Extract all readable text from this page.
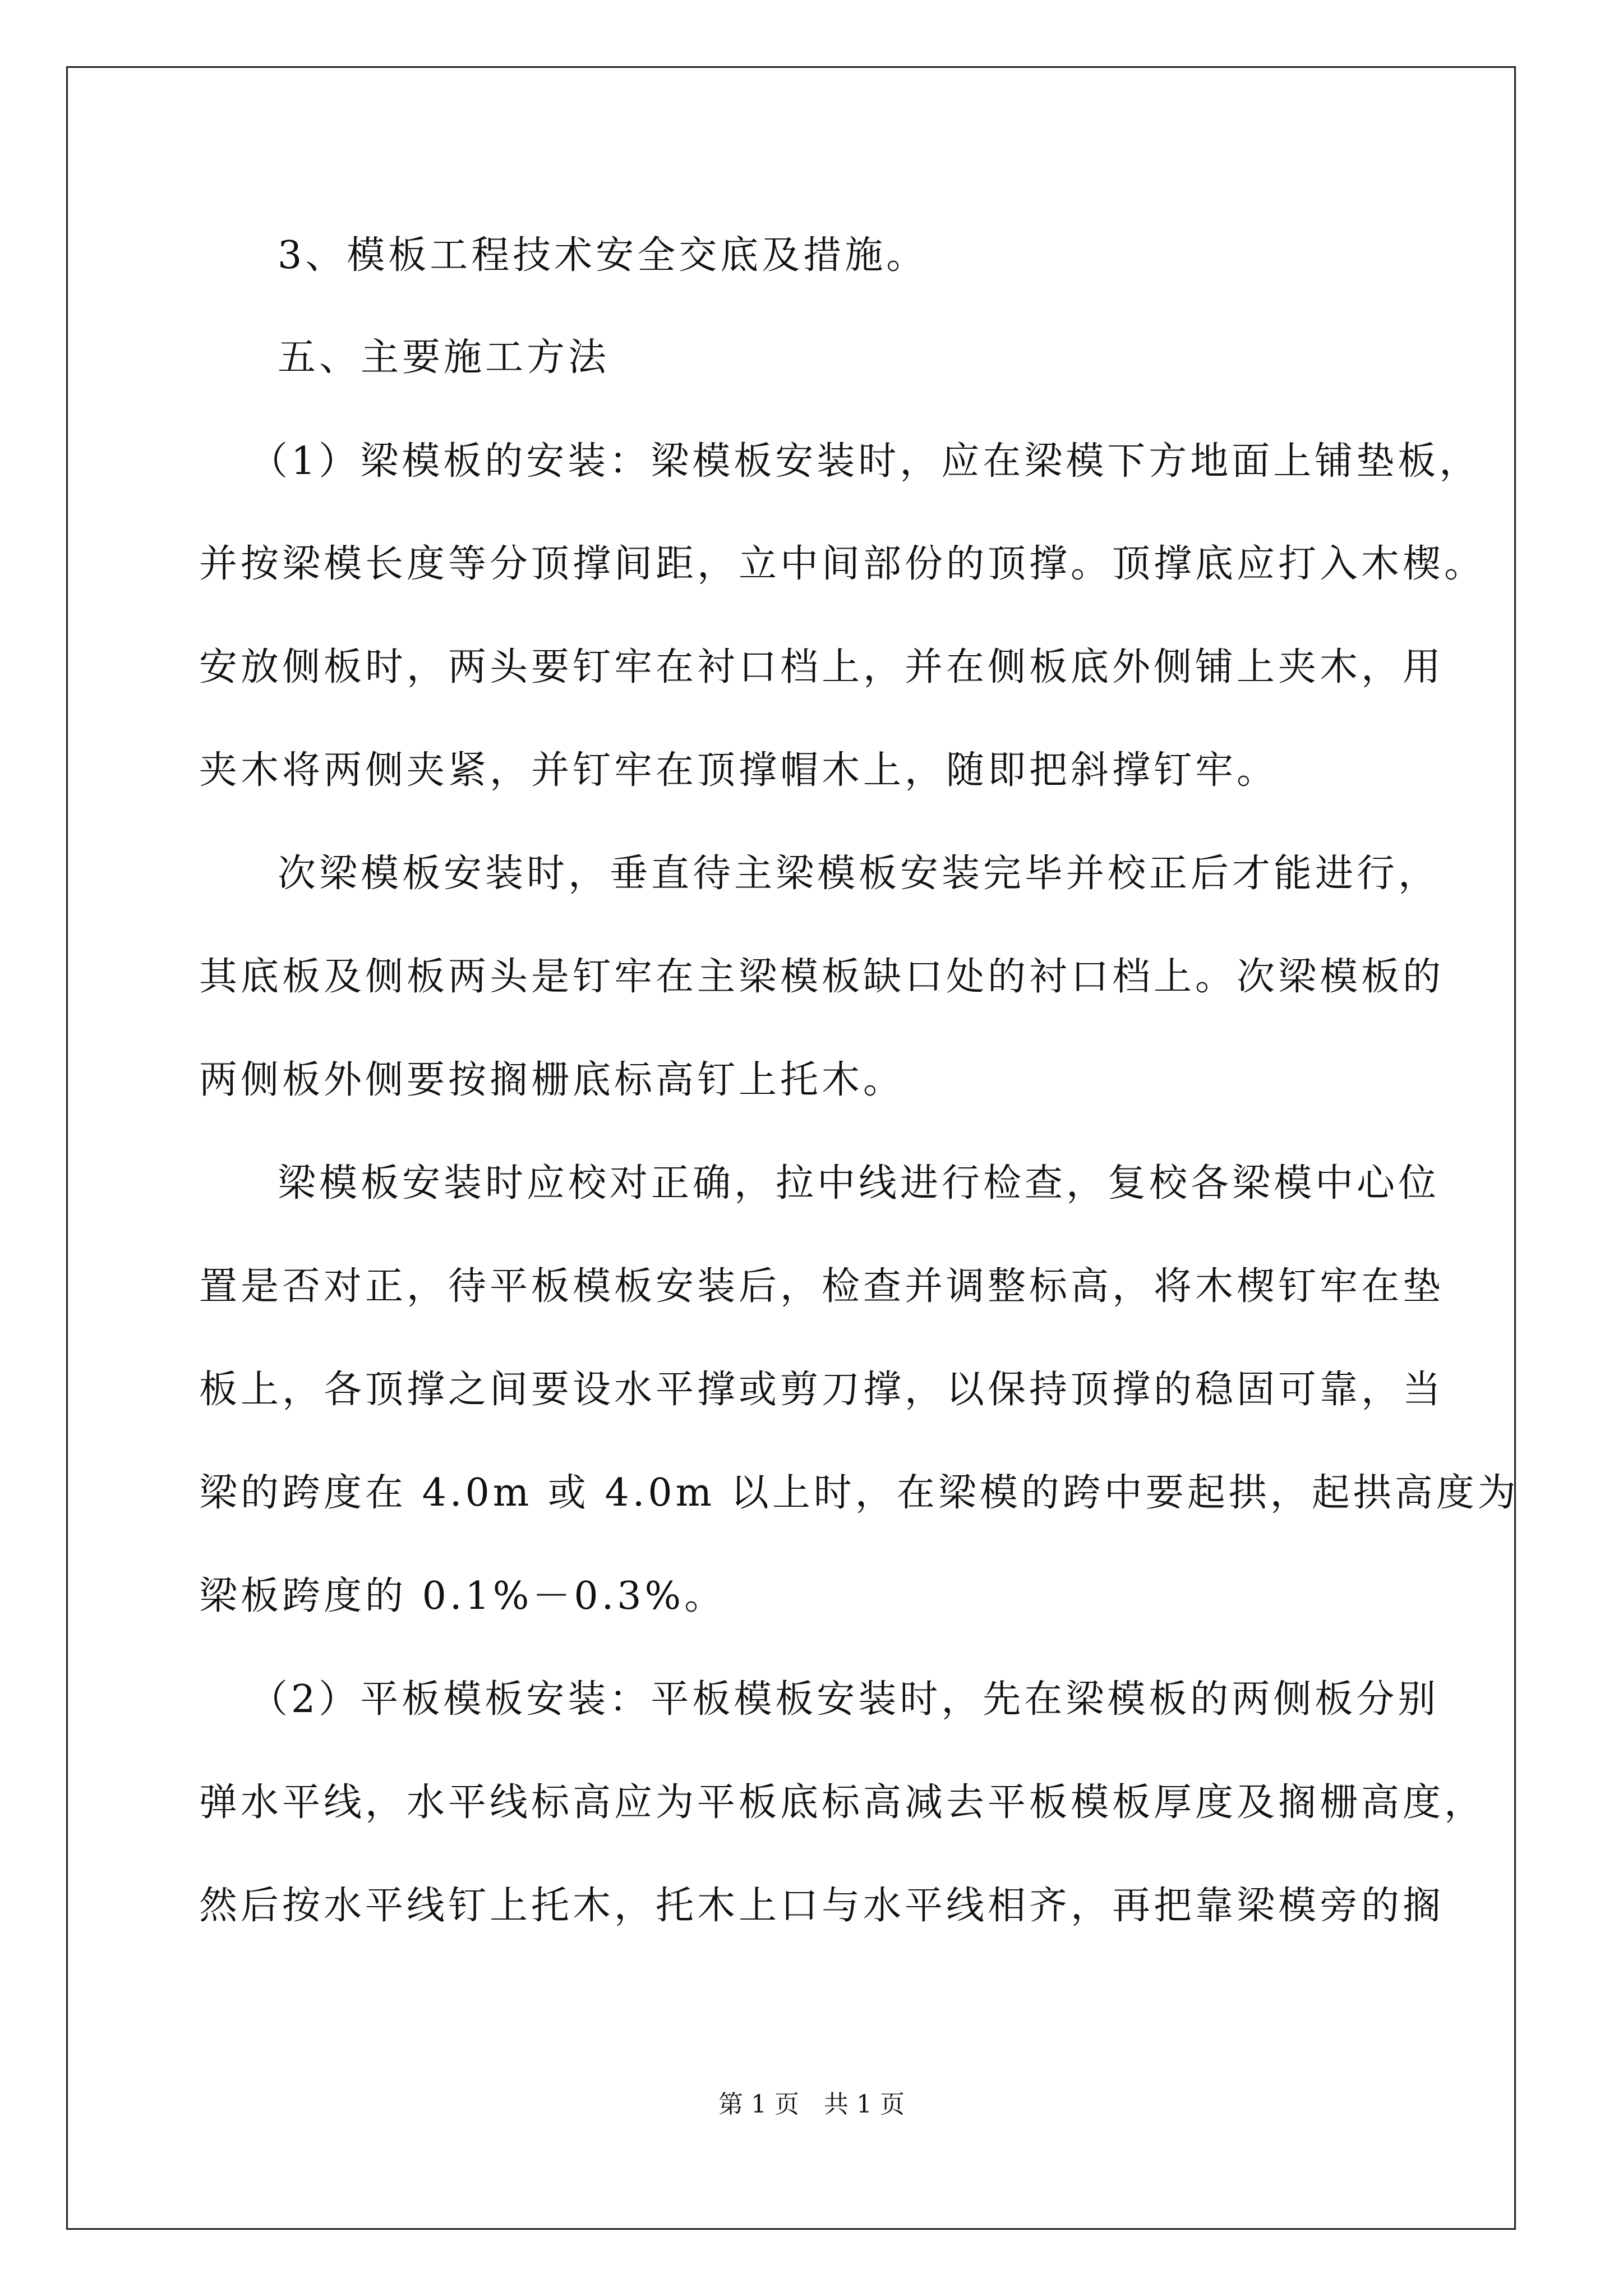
3、模板工程技术安全交底及措施。
五、主要施工方法
（1）梁模板的安装：梁模板安装时，应在梁模下方地面上铺垫板，
并按梁模长度等分顶撑间距，立中间部份的顶撑。顶撑底应打入木楔。
安放侧板时，两头要钉牢在衬口档上，并在侧板底外侧铺上夹木，用
夹木将两侧夹紧，并钉牢在顶撑帽木上，随即把斜撑钉牢。
次梁模板安装时，垂直待主梁模板安装完毕并校正后才能进行，
其底板及侧板两头是钉牢在主梁模板缺口处的衬口档上。次梁模板的
两侧板外侧要按搁栅底标高钉上托木。
梁模板安装时应校对正确，拉中线进行检查，复校各梁模中心位
置是否对正，待平板模板安装后，检查并调整标高，将木楔钉牢在垫
板上，各顶撑之间要设水平撑或剪刀撑，以保持顶撑的稳固可靠，当
梁的跨度在 4.0m 或 4.0m 以上时，在梁模的跨中要起拱，起拱高度为
梁板跨度的 0.1%－0.3%。
（2）平板模板安装：平板模板安装时，先在梁模板的两侧板分别
弹水平线，水平线标高应为平板底标高减去平板模板厚度及搁栅高度，
然后按水平线钉上托木，托木上口与水平线相齐，再把靠梁模旁的搁
第 1 页　共 1 页
